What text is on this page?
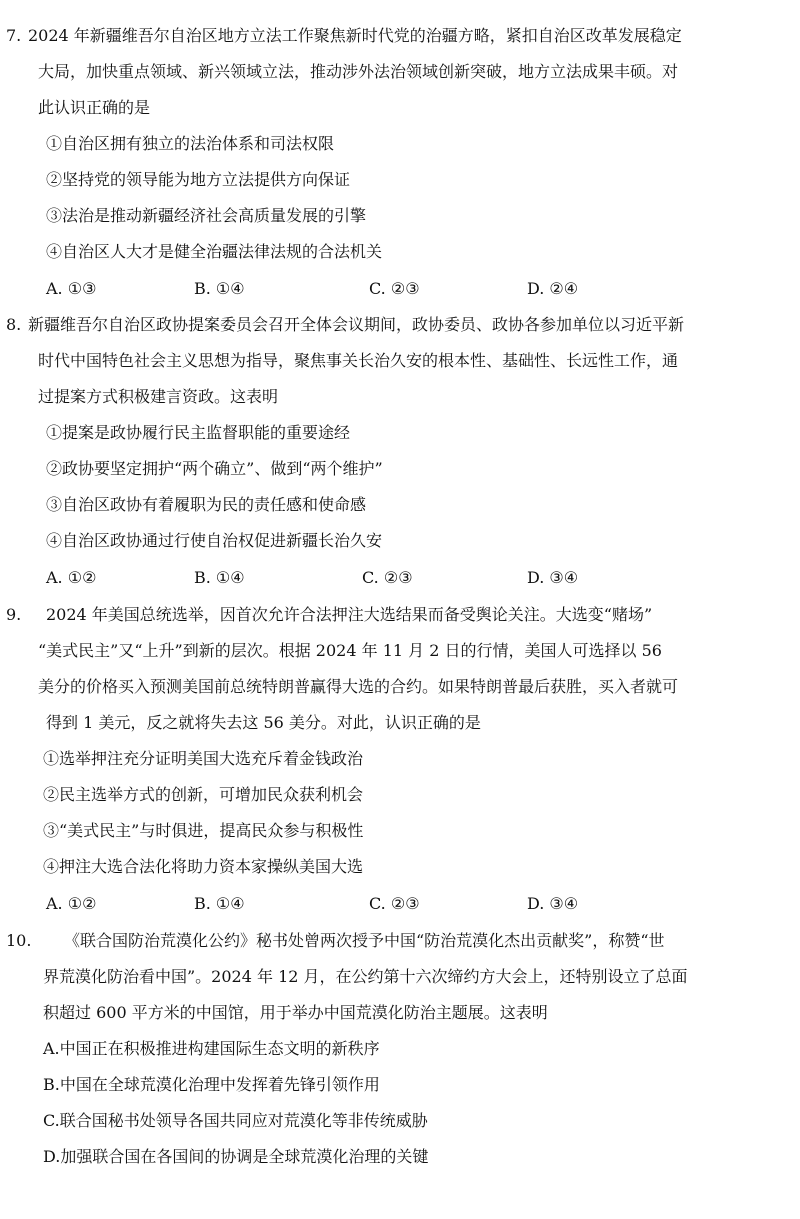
7. 2024 年新疆维吾尔自治区地方立法工作聚焦新时代党的治疆方略，紧扣自治区改革发展稳定
大局，加快重点领域、新兴领域立法，推动涉外法治领域创新突破，地方立法成果丰硕。对
此认识正确的是
①自治区拥有独立的法治体系和司法权限
②坚持党的领导能为地方立法提供方向保证
③法治是推动新疆经济社会高质量发展的引擎
④自治区人大才是健全治疆法律法规的合法机关
A. ①③	B. ①④	C. ②③	D. ②④
8. 新疆维吾尔自治区政协提案委员会召开全体会议期间，政协委员、政协各参加单位以习近平新
时代中国特色社会主义思想为指导，聚焦事关长治久安的根本性、基础性、长远性工作，通
过提案方式积极建言资政。这表明
①提案是政协履行民主监督职能的重要途经
②政协要坚定拥护“两个确立”、做到“两个维护”
③自治区政协有着履职为民的责任感和使命感
④自治区政协通过行使自治权促进新疆长治久安
A. ①②	B. ①④	C. ②③	D. ③④
9. 2024 年美国总统选举，因首次允许合法押注大选结果而备受舆论关注。大选变“赌场”
“美式民主”又“上升”到新的层次。根据 2024 年 11 月 2 日的行情，美国人可选择以 56
美分的价格买入预测美国前总统特朗普赢得大选的合约。如果特朗普最后获胜，买入者就可
得到 1 美元，反之就将失去这 56 美分。对此，认识正确的是
①选举押注充分证明美国大选充斥着金钱政治
②民主选举方式的创新，可增加民众获利机会
③“美式民主”与时俱进，提高民众参与积极性
④押注大选合法化将助力资本家操纵美国大选
A. ①②	B. ①④	C. ②③	D. ③④
10. 《联合国防治荒漠化公约》秘书处曾两次授予中国“防治荒漠化杰出贡献奖”，称赞“世
界荒漠化防治看中国”。2024 年 12 月，在公约第十六次缔约方大会上，还特别设立了总面
积超过 600 平方米的中国馆，用于举办中国荒漠化防治主题展。这表明
A.中国正在积极推进构建国际生态文明的新秩序
B.中国在全球荒漠化治理中发挥着先锋引领作用
C.联合国秘书处领导各国共同应对荒漠化等非传统威胁
D.加强联合国在各国间的协调是全球荒漠化治理的关键
